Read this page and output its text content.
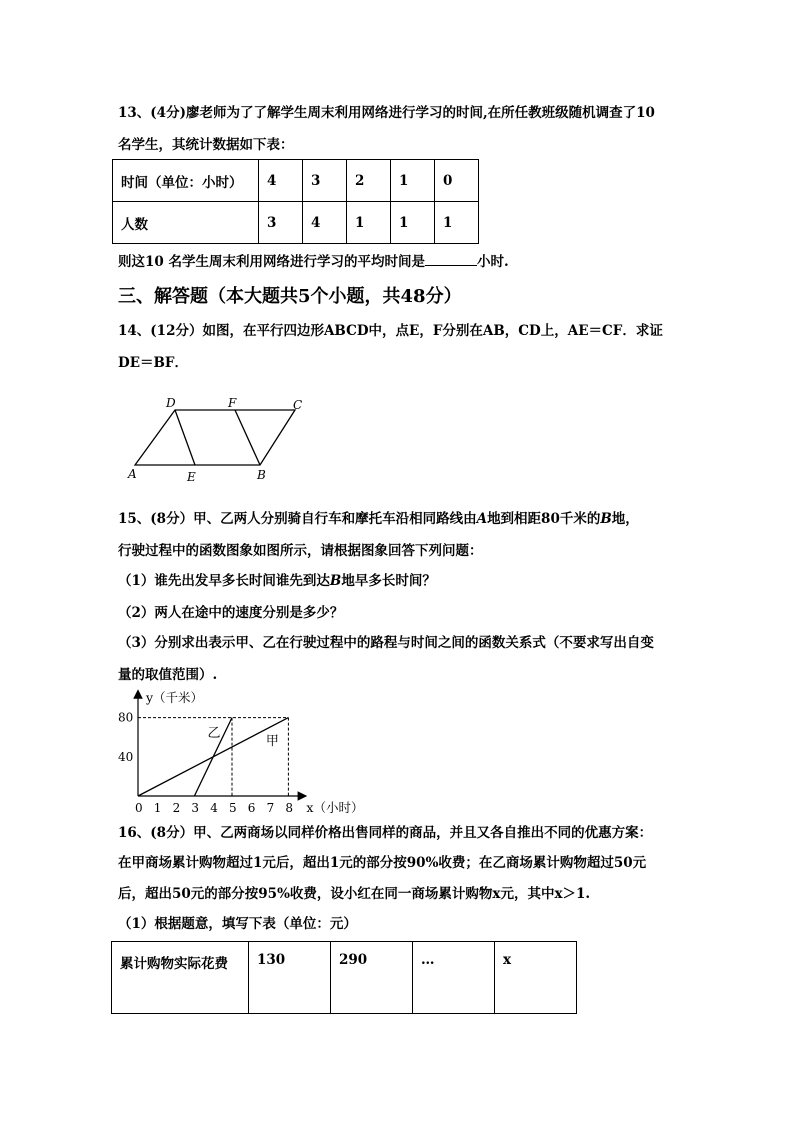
13、(4分)廖老师为了了解学生周末利用网络进行学习的时间,在所任教班级随机调查了10
名学生，其统计数据如下表：
时间（单位：小时）	4	3	2	1	0
人数	3	4	1	1	1
则这10 名学生周末利用网络进行学习的平均时间是	小时.
三、解答题（本大题共5个小题，共48分）
14、(12分）如图，在平行四边形ABCD中，点E，F分别在AB，CD上，AE＝CF．求证
DE＝BF．
D	F	C
A	E	B
15、(8分）甲、乙两人分别骑自行车和摩托车沿相同路线由A地到相距80千米的B地，
行驶过程中的函数图象如图所示，请根据图象回答下列问题：
（1）谁先出发早多长时间谁先到达B地早多长时间？
（2）两人在途中的速度分别是多少？
（3）分别求出表示甲、乙在行驶过程中的路程与时间之间的函数关系式（不要求写出自变
量的取值范围）.
甲
乙
0 1 2 3 4 5 6 7 8
40
80
y（千米）
x（小时）
16、(8分）甲、乙两商场以同样价格出售同样的商品，并且又各自推出不同的优惠方案：
在甲商场累计购物超过1元后，超出1元的部分按90%收费；在乙商场累计购物超过50元
后，超出50元的部分按95%收费，设小红在同一商场累计购物x元，其中x＞1.
（1）根据题意，填写下表（单位：元）
累计购物实际花费	130	290	…	x
